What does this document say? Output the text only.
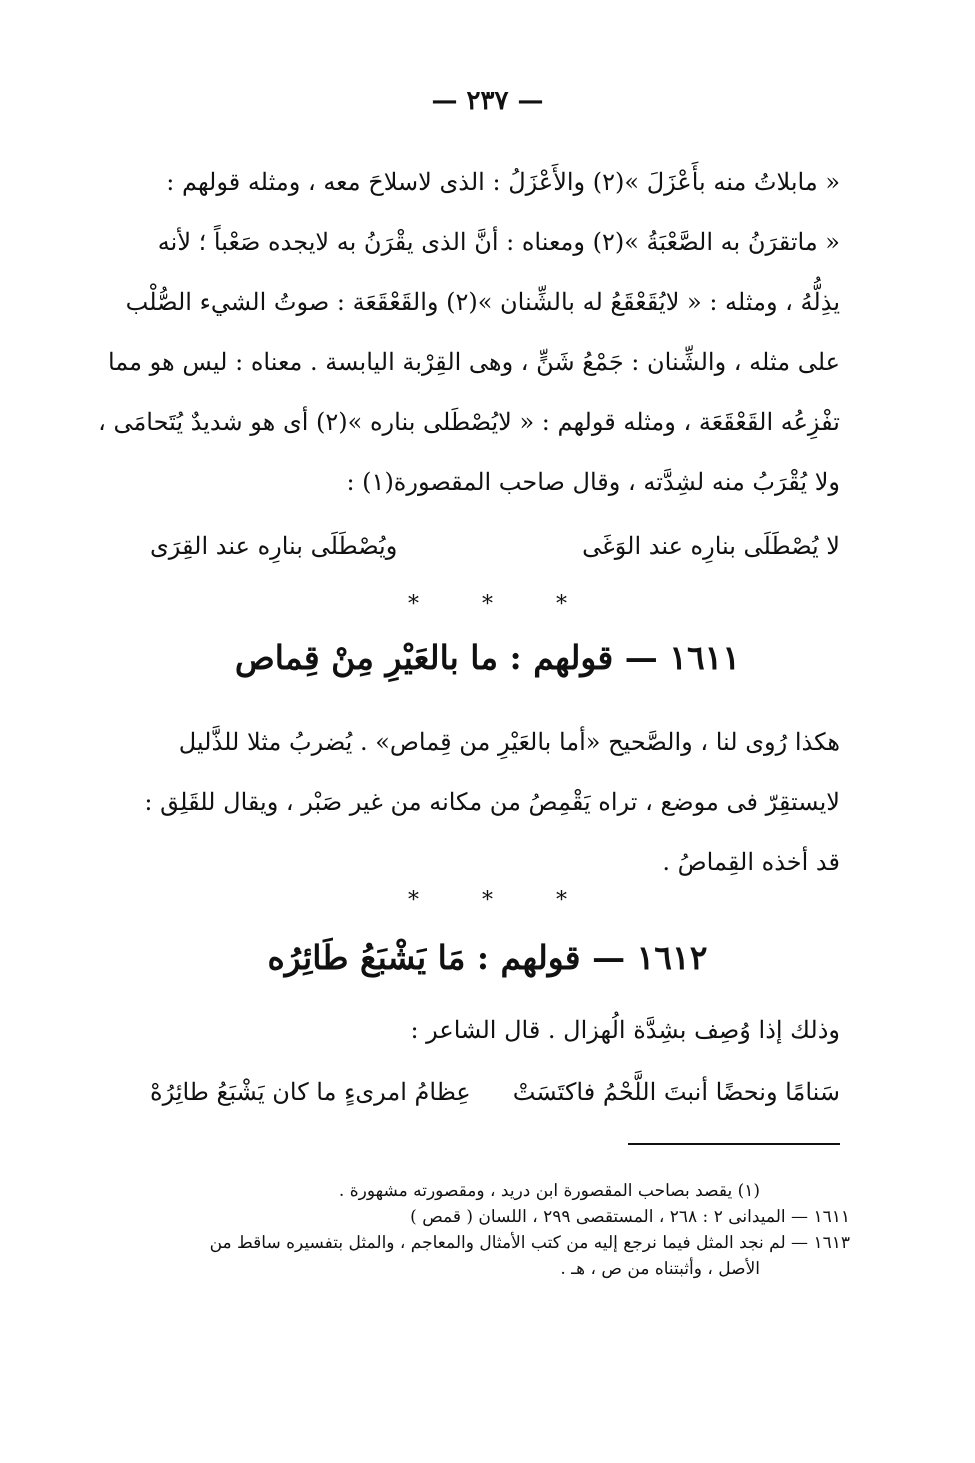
— ٢٣٧ —

« مابلاتُ منه بأَعْزَلَ »(٢) والأَعْزَلُ : الذى لاسلاحَ معه ، ومثله قولهم :

« ماتقرَنُ به الصَّعْبَةُ »(٢) ومعناه : أنَّ الذى يقْرَنُ به لايجده صَعْباً ؛ لأنه

يذِلُّهُ ، ومثله : « لايُقَعْقَعُ له بالشِّنان »(٢) والقَعْقَعَة : صوتُ الشيء الصُّلْب

على مثله ، والشِّنان : جَمْعُ شَنٍّ ، وهى القِرْبة اليابسة . معناه : ليس هو مما

تفْزِعُه القَعْقَعَة ، ومثله قولهم : « لايُصْطَلى بناره »(٢) أى هو شديدٌ يُتَحامَى ،

ولا يُقْرَبُ منه لشِدَّته ، وقال صاحب المقصورة(١) :

لا يُصْطَلَى بنارِه عند الوَغَى
ويُصْطَلَى بنارِه عند القِرَى
* * *
١٦١١ — قولهم : ما بالعَيْرِ مِنْ قِماص

هكذا رُوى لنا ، والصَّحيح «أما بالعَيْرِ من قِماص» . يُضربُ مثلا للذَّليل

لايستقِرّ فى موضع ، تراه يَقْمِصُ من مكانه من غير صَبْر ، ويقال للقَلِق :

قد أخذه القِماصُ .

* * *
١٦١٢ — قولهم : مَا يَشْبَعُ طَائِرُه

وذلك إذا وُصِف بشِدَّة الُهزال . قال الشاعر :

سَنامًا ونحضًا أنبتَ اللَّحْمُ فاكتَسَتْ
عِظامُ امرىءٍ ما كان يَشْبَعُ طائِرُهْ

(١) يقصد بصاحب المقصورة ابن دريد ، ومقصورته مشهورة .

١٦١١ — الميدانى ٢ : ٢٦٨ ، المستقصى ٢٩٩ ، اللسان ( قمص )

١٦١٣ — لم نجد المثل فيما نرجع إليه من كتب الأمثال والمعاجم ، والمثل بتفسيره ساقط من

الأصل ، وأثبتناه من ص ، هـ .
